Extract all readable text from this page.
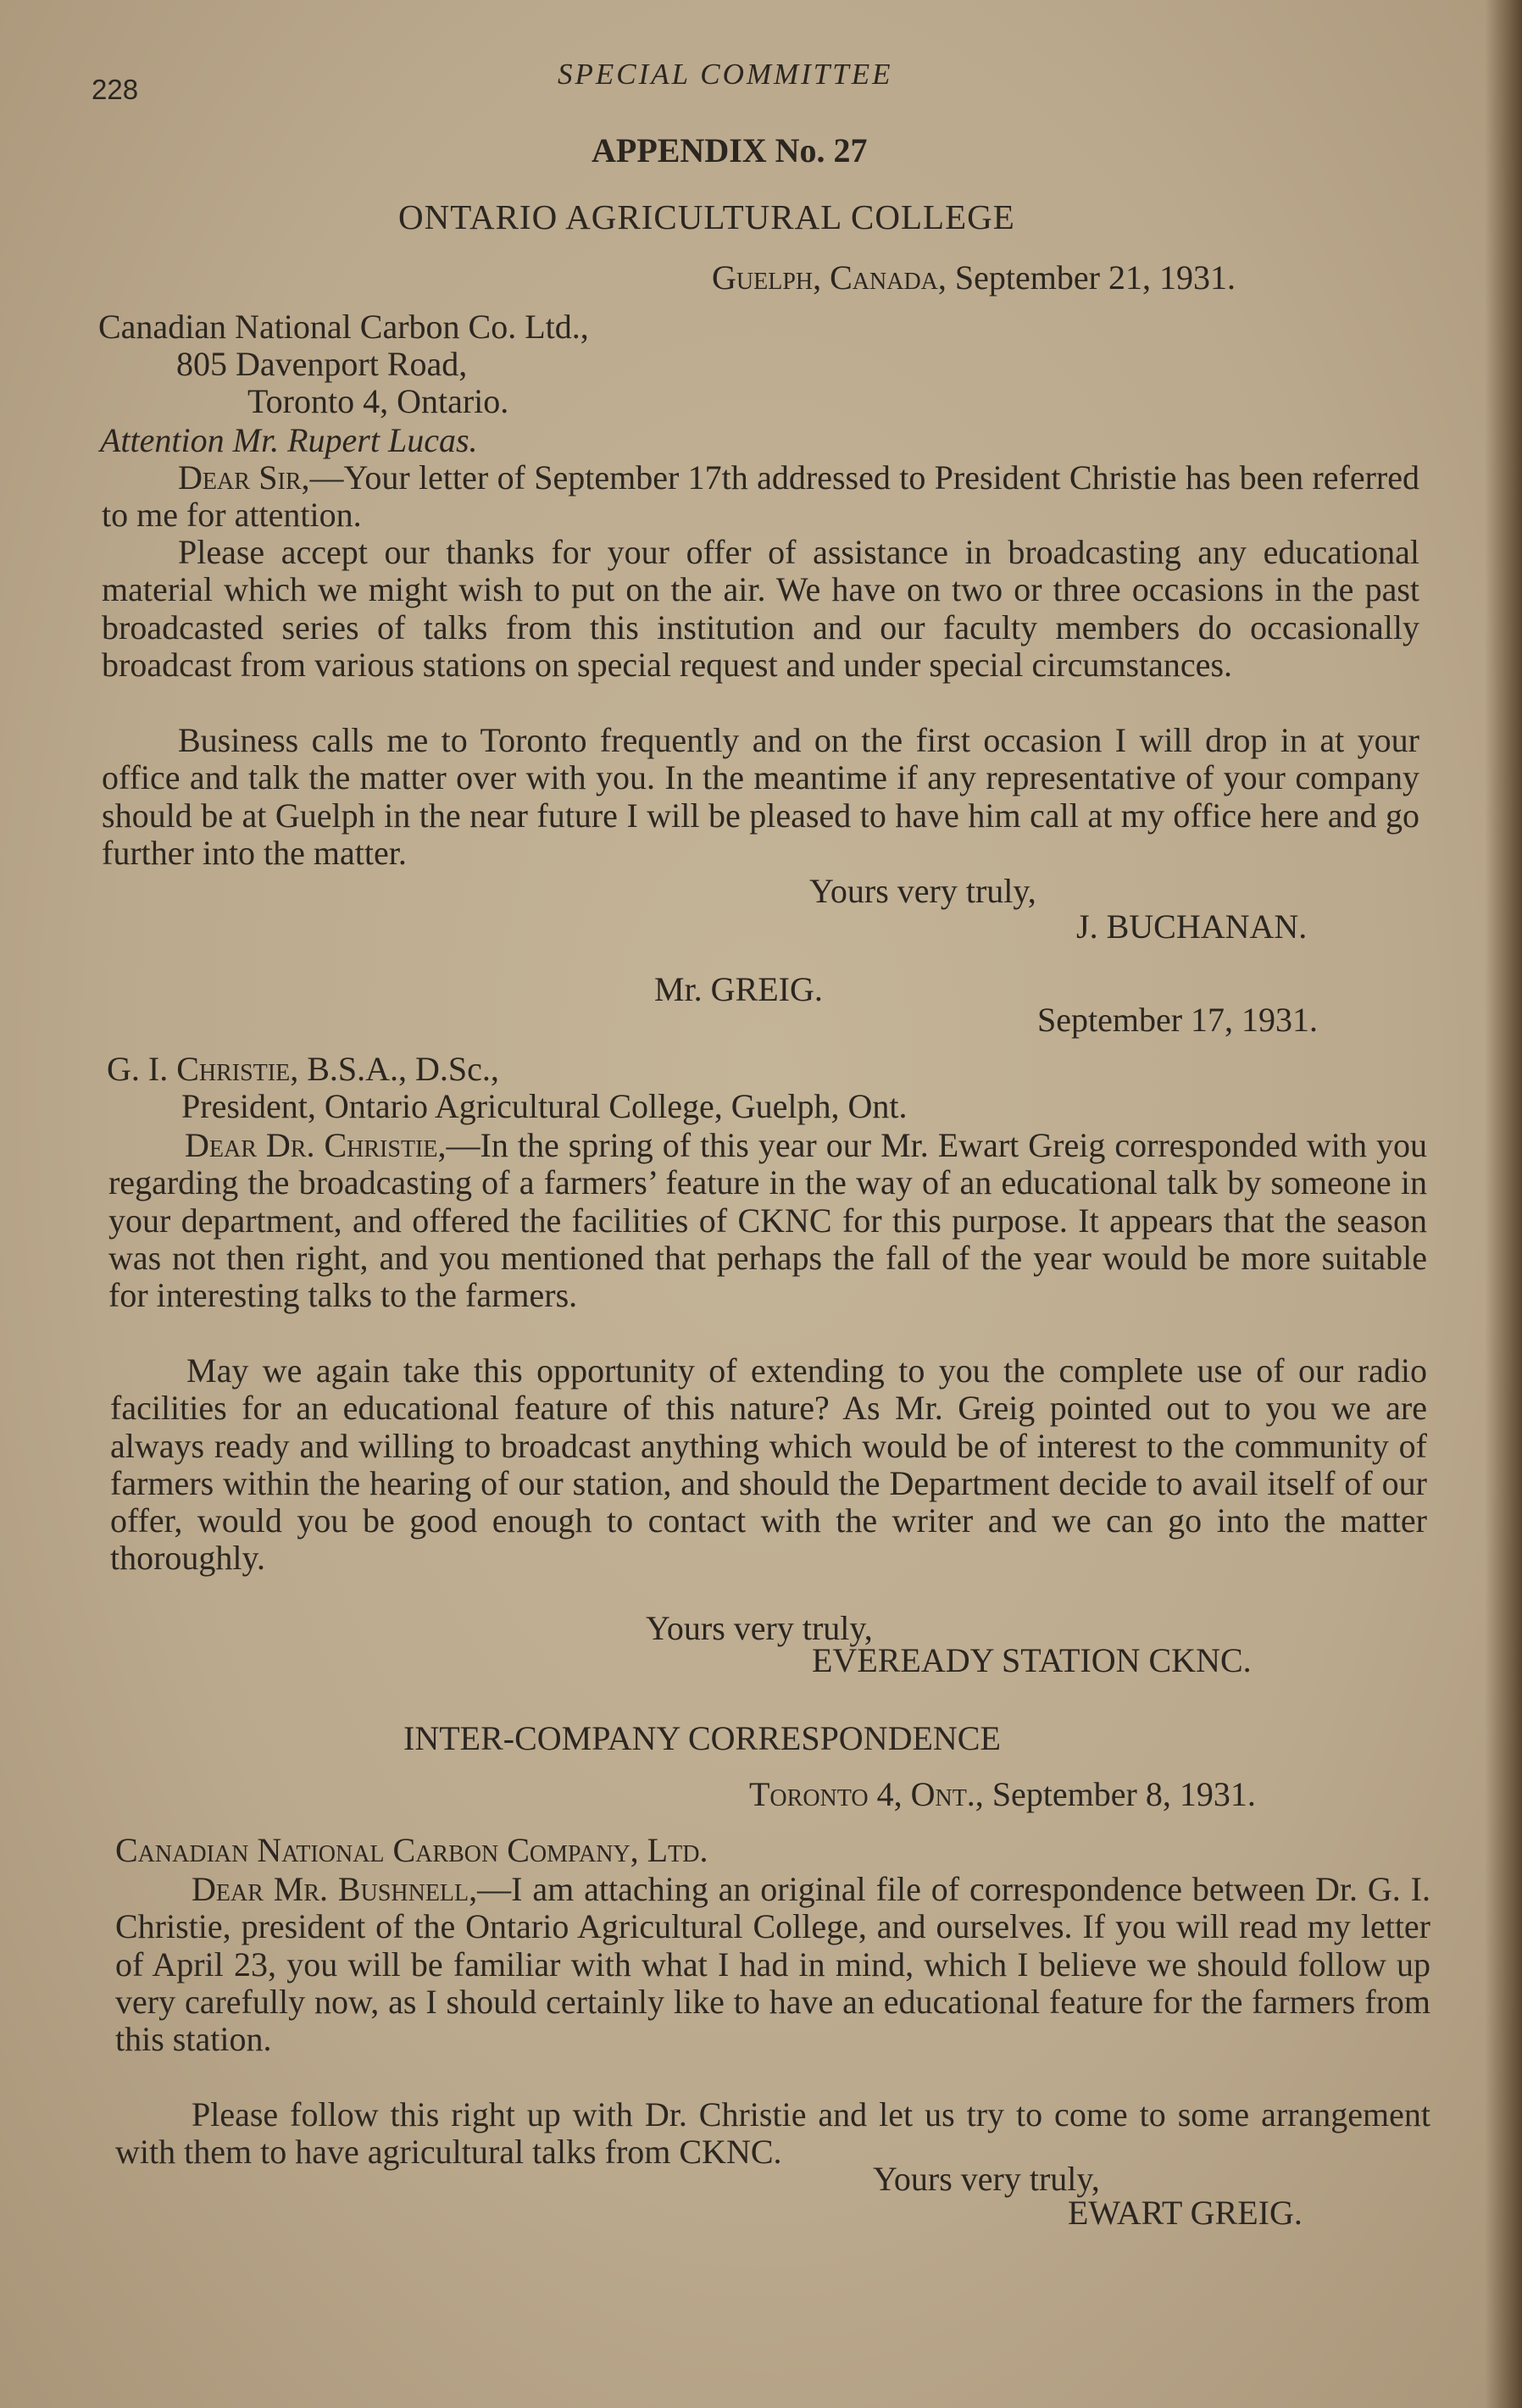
228	SPECIAL COMMITTEE
APPENDIX No. 27
ONTARIO AGRICULTURAL COLLEGE
Guelph, Canada, September 21, 1931.
Canadian National Carbon Co. Ltd.,
805 Davenport Road,
Toronto 4, Ontario.
Attention Mr. Rupert Lucas.
Dear Sir,—Your letter of September 17th addressed to President Christie has been referred to me for attention.
Please accept our thanks for your offer of assistance in broadcasting any educational material which we might wish to put on the air. We have on two or three occasions in the past broadcasted series of talks from this institution and our faculty members do occasionally broadcast from various stations on special request and under special circumstances.
Business calls me to Toronto frequently and on the first occasion I will drop in at your office and talk the matter over with you. In the meantime if any representative of your company should be at Guelph in the near future I will be pleased to have him call at my office here and go further into the matter.
Yours very truly,
J. BUCHANAN.
Mr. GREIG.
September 17, 1931.
G. I. Christie, B.S.A., D.Sc.,
President, Ontario Agricultural College, Guelph, Ont.
Dear Dr. Christie,—In the spring of this year our Mr. Ewart Greig corresponded with you regarding the broadcasting of a farmers’ feature in the way of an educational talk by someone in your department, and offered the facilities of CKNC for this purpose. It appears that the season was not then right, and you mentioned that perhaps the fall of the year would be more suitable for interesting talks to the farmers.
May we again take this opportunity of extending to you the complete use of our radio facilities for an educational feature of this nature? As Mr. Greig pointed out to you we are always ready and willing to broadcast anything which would be of interest to the community of farmers within the hearing of our station, and should the Department decide to avail itself of our offer, would you be good enough to contact with the writer and we can go into the matter thoroughly.
Yours very truly,
EVEREADY STATION CKNC.
INTER-COMPANY CORRESPONDENCE
Toronto 4, Ont., September 8, 1931.
Canadian National Carbon Company, Ltd.
Dear Mr. Bushnell,—I am attaching an original file of correspondence between Dr. G. I. Christie, president of the Ontario Agricultural College, and ourselves. If you will read my letter of April 23, you will be familiar with what I had in mind, which I believe we should follow up very carefully now, as I should certainly like to have an educational feature for the farmers from this station.
Please follow this right up with Dr. Christie and let us try to come to some arrangement with them to have agricultural talks from CKNC.
Yours very truly,
EWART GREIG.
